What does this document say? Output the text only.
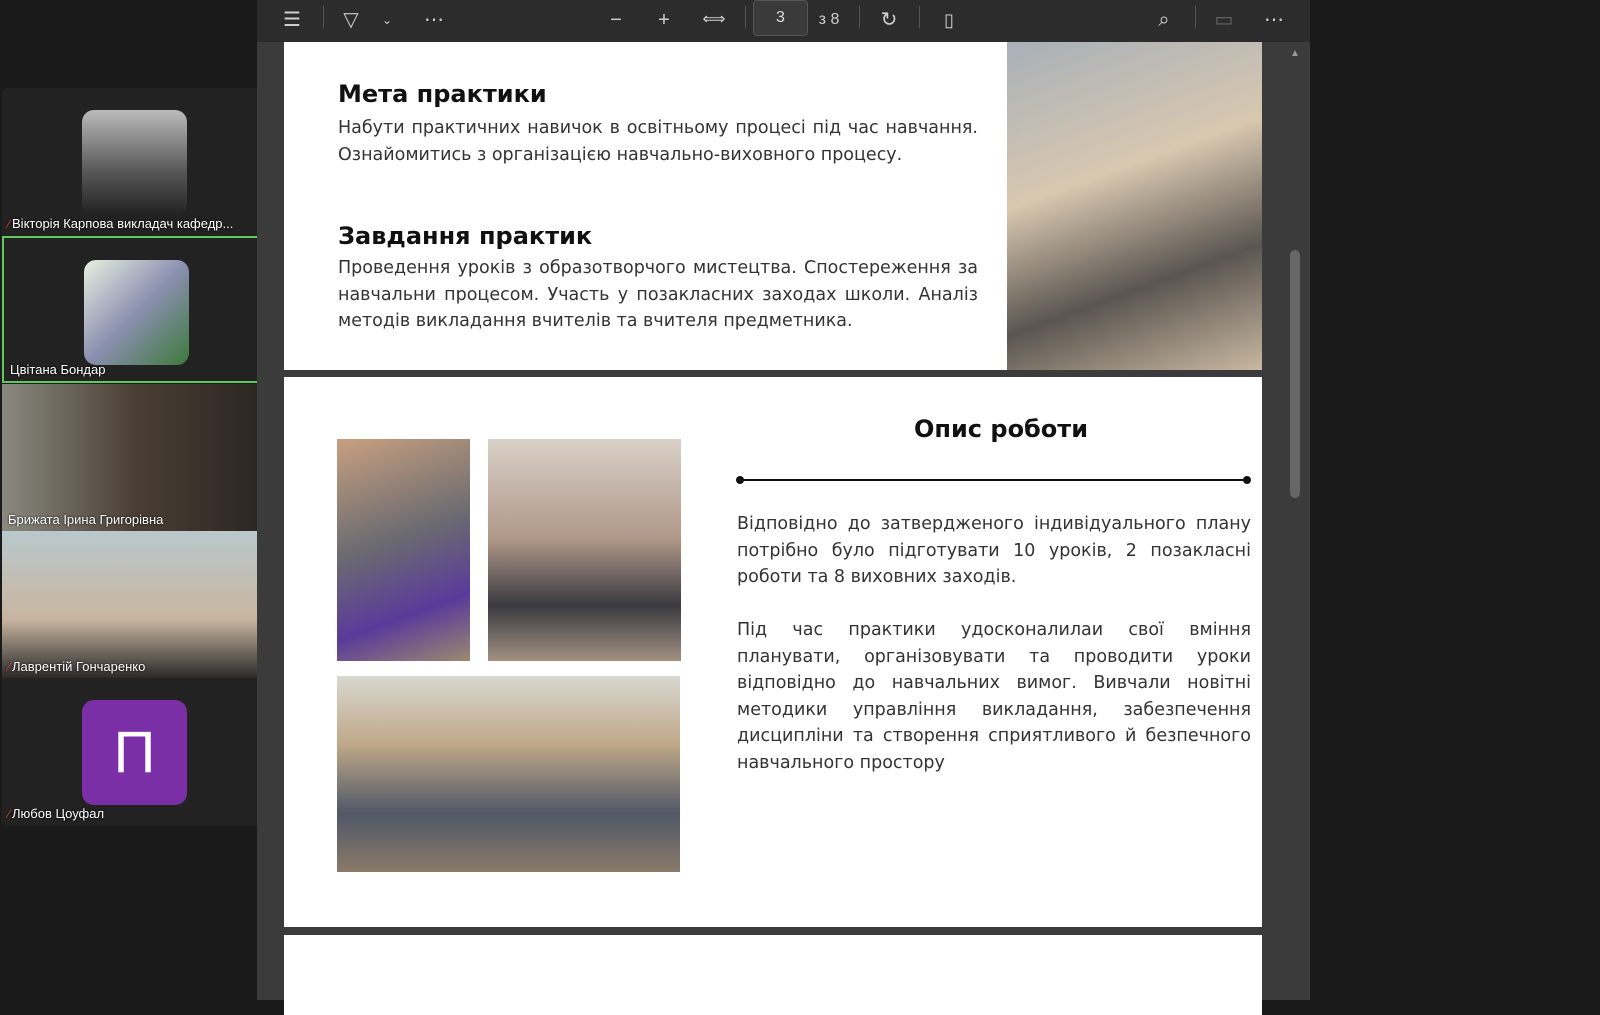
⁄ Вікторія Карпова викладач кафедр...
Цвітана Бондар
Брижата Ірина Григорівна
⁄ Лаврентій Гончаренко
П
⁄ Любов Цоуфал
☰ ▽	⌄	⋯	−	+	⟺	3	з 8 ↻	▯	⌕	▭ ⋯
Мета практики
Набути практичних навичок в освітньому процесі під час навчання. Ознайомитись з організацією навчально-виховного процесу.
Завдання практик
Проведення уроків з образотворчого мистецтва. Спостереження за навчальни процесом. Участь у позакласних заходах школи. Аналіз методів викладання вчителів та вчителя предметника.
Опис роботи
Відповідно до затвердженого індивідуального плану потрібно було підготувати 10 уроків, 2 позакласні роботи та 8 виховних заходів.
Під час практики удосконалилаи свої вміння планувати, організовувати та проводити уроки відповідно до навчальних вимог. Вивчали новітні методики управління викладання, забезпечення дисципліни та створення сприятливого й безпечного навчального простору
▲
